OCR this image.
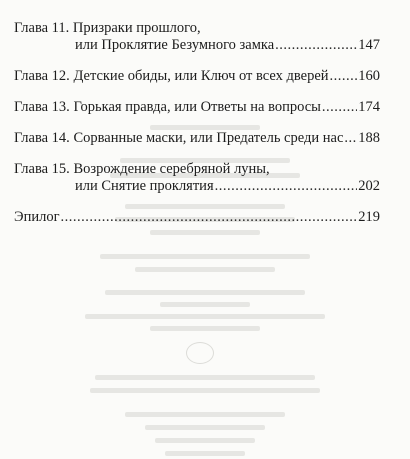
Глава 11.
Призраки прошлого,
или Проклятие Безумного замка .....	147
Глава 12.
Детские обиды, или Ключ от всех дверей ..... 160
Глава 13.
Горькая правда, или Ответы на вопросы .....	174
Глава 14.
Сорванные маски, или Предатель среди нас ..... 188
Глава 15.
Возрождение серебряной луны,
или Снятие проклятия .....	202
Эпилог .....	219
